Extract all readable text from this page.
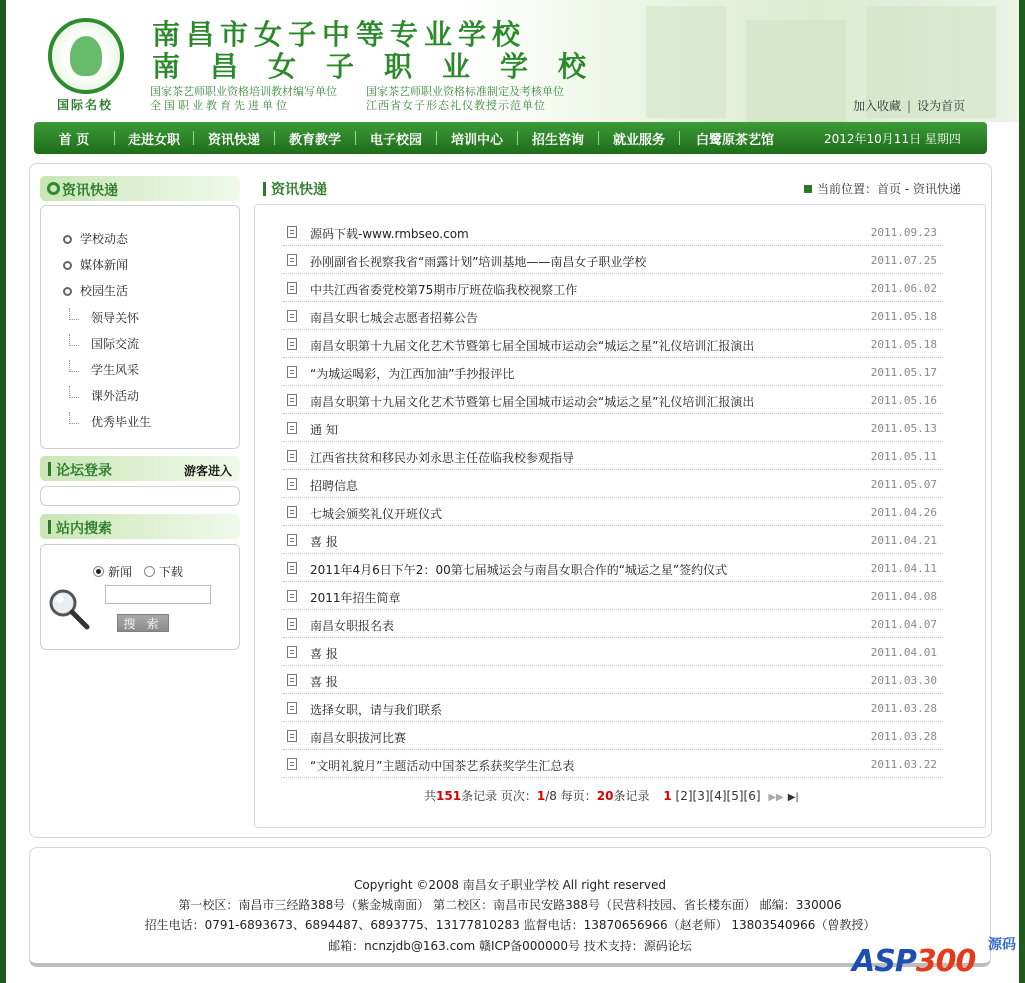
国际名校
南昌市女子中等专业学校
南昌女子职业学校
国家茶艺师职业资格培训教材编写单位
全国职业教育先进单位
国家茶艺师职业资格标准制定及考核单位
江西省女子形态礼仪教授示范单位	加入收藏 | 设为首页
首 页	走进女职	资讯快递	教育教学	电子校园	培训中心	招生咨询	就业服务	白鹭原茶艺馆	2012年10月11日 星期四
资讯快递
学校动态
媒体新闻
校园生活
领导关怀
国际交流
学生风采
课外活动
优秀毕业生
论坛登录	游客进入
站内搜索
新闻 下载
搜 索
资讯快递	当前位置：首页 - 资讯快递
源码下载-www.rmbseo.com	2011.09.23
孙刚副省长视察我省“雨露计划”培训基地——南昌女子职业学校	2011.07.25
中共江西省委党校第75期市厅班莅临我校视察工作	2011.06.02
南昌女职七城会志愿者招募公告	2011.05.18
南昌女职第十九届文化艺术节暨第七届全国城市运动会“城运之星”礼仪培训汇报演出	2011.05.18
“为城运喝彩，为江西加油”手抄报评比	2011.05.17
南昌女职第十九届文化艺术节暨第七届全国城市运动会“城运之星”礼仪培训汇报演出	2011.05.16
通 知	2011.05.13
江西省扶贫和移民办刘永思主任莅临我校参观指导	2011.05.11
招聘信息	2011.05.07
七城会颁奖礼仪开班仪式	2011.04.26
喜 报	2011.04.21
2011年4月6日下午2：00第七届城运会与南昌女职合作的“城运之星”签约仪式	2011.04.11
2011年招生简章	2011.04.08
南昌女职报名表	2011.04.07
喜 报	2011.04.01
喜 报	2011.03.30
选择女职，请与我们联系	2011.03.28
南昌女职拔河比赛	2011.03.28
“文明礼貌月”主题活动中国茶艺系获奖学生汇总表	2011.03.22
共151条记录 页次：1/8 每页：20条记录 1 [2][3][4][5][6] ▶▶ ▶|
Copyright ©2008 南昌女子职业学校 All right reserved
第一校区：南昌市三经路388号（紫金城南面） 第二校区：南昌市民安路388号（民营科技园、省长楼东面） 邮编：330006
招生电话：0791-6893673、6894487、6893775、13177810283 监督电话：13870656966（赵老师） 13803540966（曾教授）
邮箱：ncnzjdb@163.com 赣ICP备000000号 技术支持：源码论坛	ASP300 源码
